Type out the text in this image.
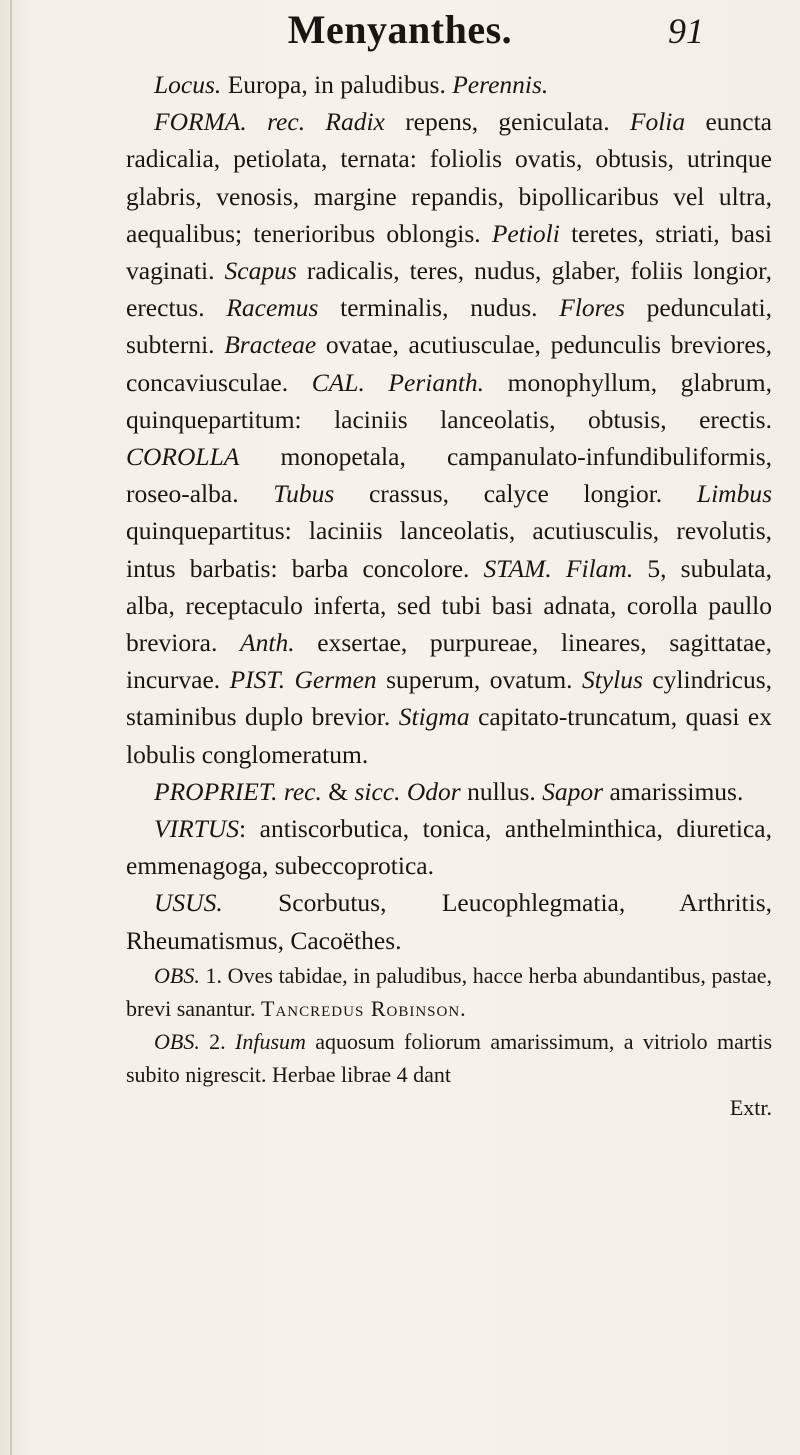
Menyanthes.	91

Locus. Europa, in paludibus. Perennis.

FORMA. rec. Radix repens, geniculata. Folia euncta radicalia, petiolata, ternata: foliolis ovatis, obtusis, utrinque glabris, venosis, margine repandis, bipollicaribus vel ultra, aequalibus; tenerioribus oblongis. Petioli teretes, striati, basi vaginati. Scapus radicalis, teres, nudus, glaber, foliis longior, erectus. Racemus terminalis, nudus. Flores pedunculati, subterni. Bracteae ovatae, acutiusculae, pedunculis breviores, concaviusculae. CAL. Perianth. monophyllum, glabrum, quinquepartitum: laciniis lanceolatis, obtusis, erectis. COROLLA monopetala, campanulato-infundibuliformis, roseo-alba. Tubus crassus, calyce longior. Limbus quinquepartitus: laciniis lanceolatis, acutiusculis, revolutis, intus barbatis: barba concolore. STAM. Filam. 5, subulata, alba, receptaculo inferta, sed tubi basi adnata, corolla paullo breviora. Anth. exsertae, purpureae, lineares, sagittatae, incurvae. PIST. Germen superum, ovatum. Stylus cylindricus, staminibus duplo brevior. Stigma capitato-truncatum, quasi ex lobulis conglomeratum.

PROPRIET. rec. & sicc. Odor nullus. Sapor amarissimus.

VIRTUS: antiscorbutica, tonica, anthelminthica, diuretica, emmenagoga, subeccoprotica.

USUS. Scorbutus, Leucophlegmatia, Arthritis, Rheumatismus, Cacoëthes.

OBS. 1. Oves tabidae, in paludibus, hacce herba abundantibus, pastae, brevi sanantur. Tancredus Robinson.

OBS. 2. Infusum aquosum foliorum amarissimum, a vitriolo martis subito nigrescit. Herbae librae 4 dant
Extr.
